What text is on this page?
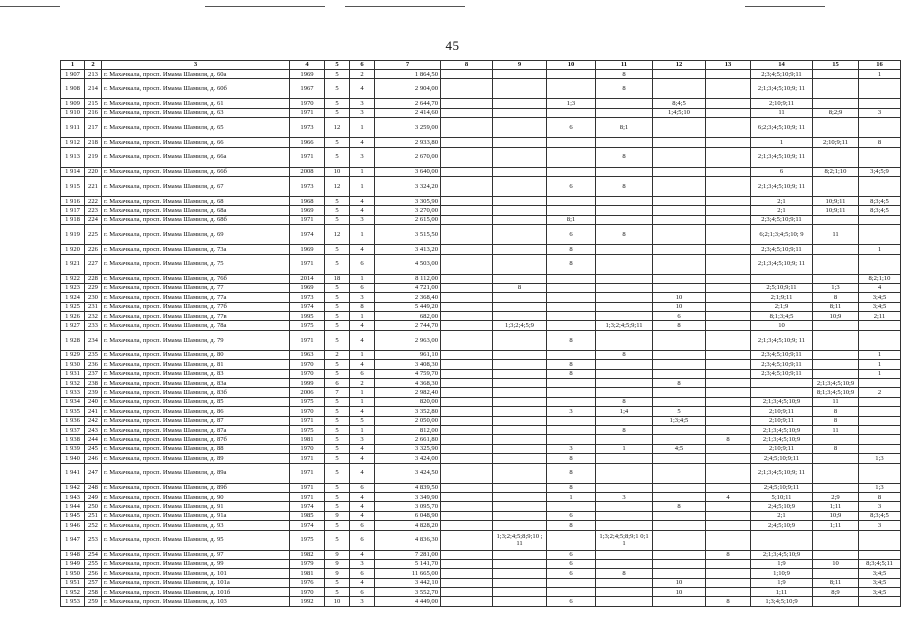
45
1	2	3	4	5	6	7	8	9	10	11	12	13	14	15	16
1 907	213	г. Махачкала, просп. Имама Шамиля, д. 60а	1969	5	2	1 864,50				8			2;3;4;5;10;9;11		1
1 908	214	г. Махачкала, просп. Имама Шамиля, д. 60б	1967	5	4	2 904,00				8			2;1;3;4;5;10;9; 11		
1 909	215	г. Махачкала, просп. Имама Шамиля, д. 61	1970	5	3	2 644,70			1;3		8;4;5		2;10;9;11		
1 910	216	г. Махачкала, просп. Имама Шамиля, д. 63	1971	5	3	2 414,60					1;4;5;10		11	8;2;9	3
1 911	217	г. Махачкала, просп. Имама Шамиля, д. 65	1973	12	1	3 259,00			6	8;1			6;2;3;4;5;10;9; 11		
1 912	218	г. Махачкала, просп. Имама Шамиля, д. 66	1966	5	4	2 933,80							1	2;10;9;11	8
1 913	219	г. Махачкала, просп. Имама Шамиля, д. 66а	1971	5	3	2 670,00				8			2;1;3;4;5;10;9; 11		
1 914	220	г. Махачкала, просп. Имама Шамиля, д. 66б	2008	10	1	3 640,00							6	8;2;1;10	3;4;5;9
1 915	221	г. Махачкала, просп. Имама Шамиля, д. 67	1973	12	1	3 324,20			6	8			2;1;3;4;5;10;9; 11		
1 916	222	г. Махачкала, просп. Имама Шамиля, д. 68	1968	5	4	3 305,90							2;1	10;9;11	8;3;4;5
1 917	223	г. Махачкала, просп. Имама Шамиля, д. 68а	1969	5	4	3 270,00							2;1	10;9;11	8;3;4;5
1 918	224	г. Махачкала, просп. Имама Шамиля, д. 68б	1971	5	3	2 615,00			8;1				2;3;4;5;10;9;11		
1 919	225	г. Махачкала, просп. Имама Шамиля, д. 69	1974	12	1	3 515,50			6	8			6;2;1;3;4;5;10; 9	11	
1 920	226	г. Махачкала, просп. Имама Шамиля, д. 73а	1969	5	4	3 413,20			8				2;3;4;5;10;9;11		1
1 921	227	г. Махачкала, просп. Имама Шамиля, д. 75	1971	5	6	4 503,00			8				2;1;3;4;5;10;9; 11		
1 922	228	г. Махачкала, просп. Имама Шамиля, д. 76б	2014	18	1	8 112,00									8;2;1;10
1 923	229	г. Махачкала, просп. Имама Шамиля, д. 77	1969	5	6	4 721,00		8					2;5;10;9;11	1;3	4
1 924	230	г. Махачкала, просп. Имама Шамиля, д. 77а	1973	5	3	2 368,40					10		2;1;9;11	8	3;4;5
1 925	231	г. Махачкала, просп. Имама Шамиля, д. 77б	1974	5	8	5 449,20					10		2;1;9	8;11	3;4;5
1 926	232	г. Махачкала, просп. Имама Шамиля, д. 77в	1995	5	1	682,00					6		8;1;3;4;5	10;9	2;11
1 927	233	г. Махачкала, просп. Имама Шамиля, д. 78а	1975	5	4	2 744,70		1;3;2;4;5;9		1;3;2;4;5;9;11	8		10		
1 928	234	г. Махачкала, просп. Имама Шамиля, д. 79	1971	5	4	2 963,00			8				2;1;3;4;5;10;9; 11		
1 929	235	г. Махачкала, просп. Имама Шамиля, д. 80	1963	2	1	961,10				8			2;3;4;5;10;9;11		1
1 930	236	г. Махачкала, просп. Имама Шамиля, д. 81	1970	5	4	3 408,30			8				2;3;4;5;10;9;11		1
1 931	237	г. Махачкала, просп. Имама Шамиля, д. 83	1970	5	6	4 759,70			8				2;3;4;5;10;9;11		1
1 932	238	г. Махачкала, просп. Имама Шамиля, д. 83а	1999	6	2	4 368,30					8			2;1;3;4;5;10;9	
1 933	239	г. Махачкала, просп. Имама Шамиля, д. 83б	2006	7	1	2 982,40								8;1;3;4;5;10;9	2
1 934	240	г. Махачкала, просп. Имама Шамиля, д. 85	1975	5	1	820,00				8			2;1;3;4;5;10;9	11	
1 935	241	г. Махачкала, просп. Имама Шамиля, д. 86	1970	5	4	3 352,80			3	1;4	5		2;10;9;11	8	
1 936	242	г. Махачкала, просп. Имама Шамиля, д. 87	1971	5	5	2 050,00					1;3;4;5		2;10;9;11	8	
1 937	243	г. Махачкала, просп. Имама Шамиля, д. 87а	1975	5	1	812,00				8			2;1;3;4;5;10;9	11	
1 938	244	г. Махачкала, просп. Имама Шамиля, д. 87б	1981	5	3	2 661,80						8	2;1;3;4;5;10;9		
1 939	245	г. Махачкала, просп. Имама Шамиля, д. 88	1970	5	4	3 325,90			3	1	4;5		2;10;9;11	8	
1 940	246	г. Махачкала, просп. Имама Шамиля, д. 89	1971	5	4	3 424,00			8				2;4;5;10;9;11		1;3
1 941	247	г. Махачкала, просп. Имама Шамиля, д. 89а	1971	5	4	3 424,50			8				2;1;3;4;5;10;9; 11		
1 942	248	г. Махачкала, просп. Имама Шамиля, д. 89б	1971	5	6	4 839,50			8				2;4;5;10;9;11		1;3
1 943	249	г. Махачкала, просп. Имама Шамиля, д. 90	1971	5	4	3 349,90			1	3		4	5;10;11	2;9	8
1 944	250	г. Махачкала, просп. Имама Шамиля, д. 91	1974	5	4	3 095,70					8		2;4;5;10;9	1;11	3
1 945	251	г. Махачкала, просп. Имама Шамиля, д. 91а	1985	9	4	6 048,90			6				2;1	10;9	8;3;4;5
1 946	252	г. Махачкала, просп. Имама Шамиля, д. 93	1974	5	6	4 828,20			8				2;4;5;10;9	1;11	3
1 947	253	г. Махачкала, просп. Имама Шамиля, д. 95	1975	5	6	4 836,30		1;3;2;4;5;8;9;10 ;11		1;3;2;4;5;8;9;1 0;11					
1 948	254	г. Махачкала, просп. Имама Шамиля, д. 97	1982	9	4	7 281,00			6			8	2;1;3;4;5;10;9		
1 949	255	г. Махачкала, просп. Имама Шамиля, д. 99	1979	9	3	5 141,70			6				1;9	10	8;3;4;5;11
1 950	256	г. Махачкала, просп. Имама Шамиля, д. 101	1981	9	6	11 665,00			6	8			1;10;9		3;4;5
1 951	257	г. Махачкала, просп. Имама Шамиля, д. 101а	1976	5	4	3 442,10					10		1;9	8;11	3;4;5
1 952	258	г. Махачкала, просп. Имама Шамиля, д. 101б	1970	5	6	3 552,70					10		1;11	8;9	3;4;5
1 953	259	г. Махачкала, просп. Имама Шамиля, д. 103	1992	10	3	4 449,00			6			8	1;3;4;5;10;9		
